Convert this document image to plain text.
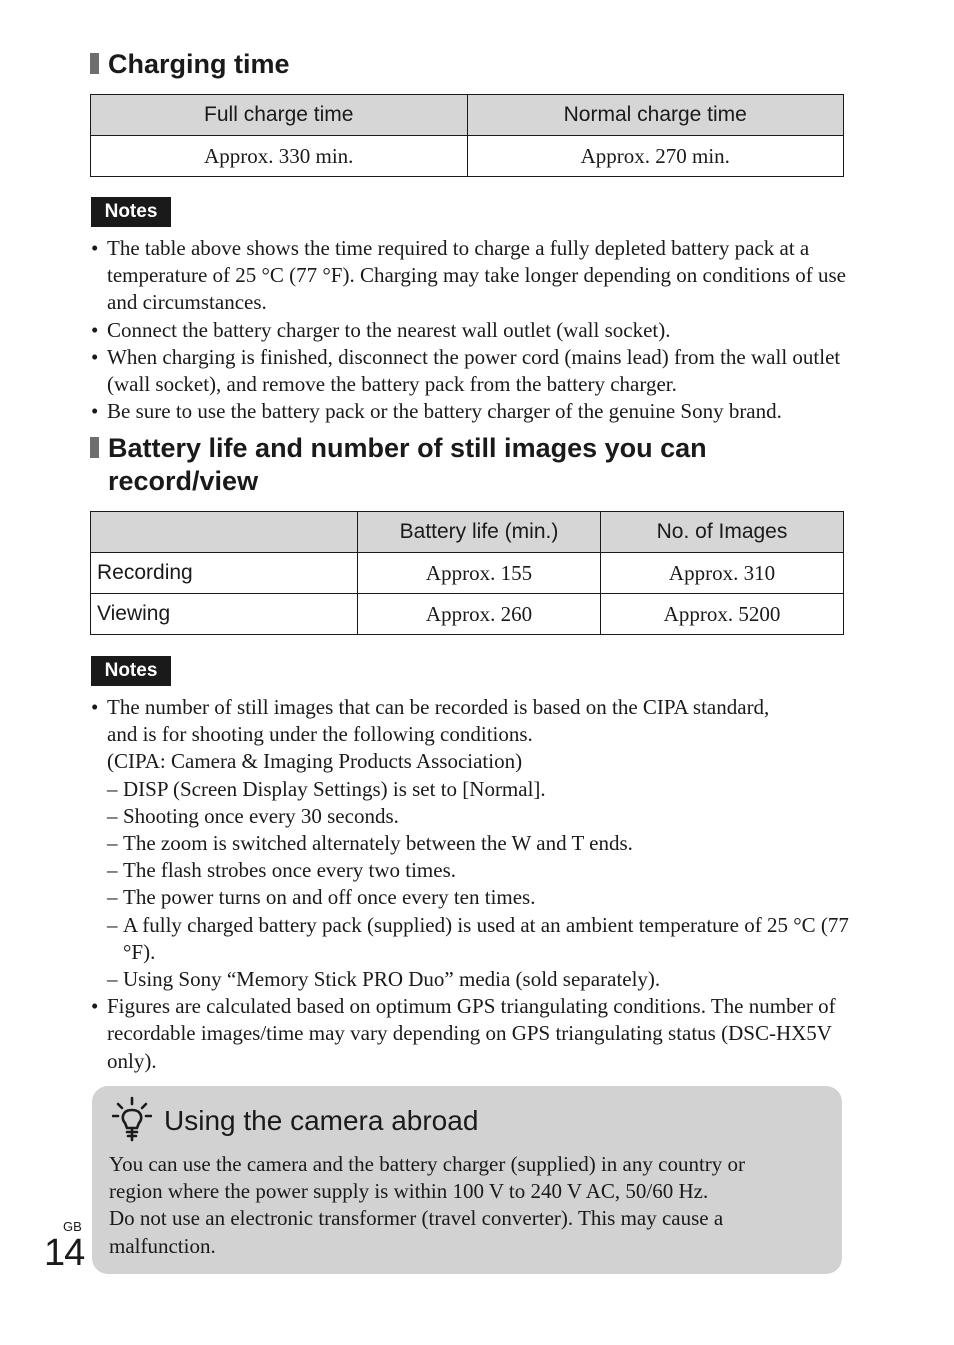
Charging time
Full charge time	Normal charge time
Approx. 330 min.	Approx. 270 min.
Notes
• The table above shows the time required to charge a fully depleted battery pack at a temperature of 25 °C (77 °F). Charging may take longer depending on conditions of use and circumstances.
• Connect the battery charger to the nearest wall outlet (wall socket).
• When charging is finished, disconnect the power cord (mains lead) from the wall outlet (wall socket), and remove the battery pack from the battery charger.
• Be sure to use the battery pack or the battery charger of the genuine Sony brand.
Battery life and number of still images you can
record/view
	Battery life (min.)	No. of Images
Recording	Approx. 155	Approx. 310
Viewing	Approx. 260	Approx. 5200
Notes
• The number of still images that can be recorded is based on the CIPA standard,
and is for shooting under the following conditions.
(CIPA: Camera & Imaging Products Association)
– DISP (Screen Display Settings) is set to [Normal].
– Shooting once every 30 seconds.
– The zoom is switched alternately between the W and T ends.
– The flash strobes once every two times.
– The power turns on and off once every ten times.
– A fully charged battery pack (supplied) is used at an ambient temperature of 25 °C (77 °F).
– Using Sony “Memory Stick PRO Duo” media (sold separately).
• Figures are calculated based on optimum GPS triangulating conditions. The number of recordable images/time may vary depending on GPS triangulating status (DSC-HX5V only).
Using the camera abroad
You can use the camera and the battery charger (supplied) in any country or
region where the power supply is within 100 V to 240 V AC, 50/60 Hz.
Do not use an electronic transformer (travel converter). This may cause a
malfunction.
GB
14
